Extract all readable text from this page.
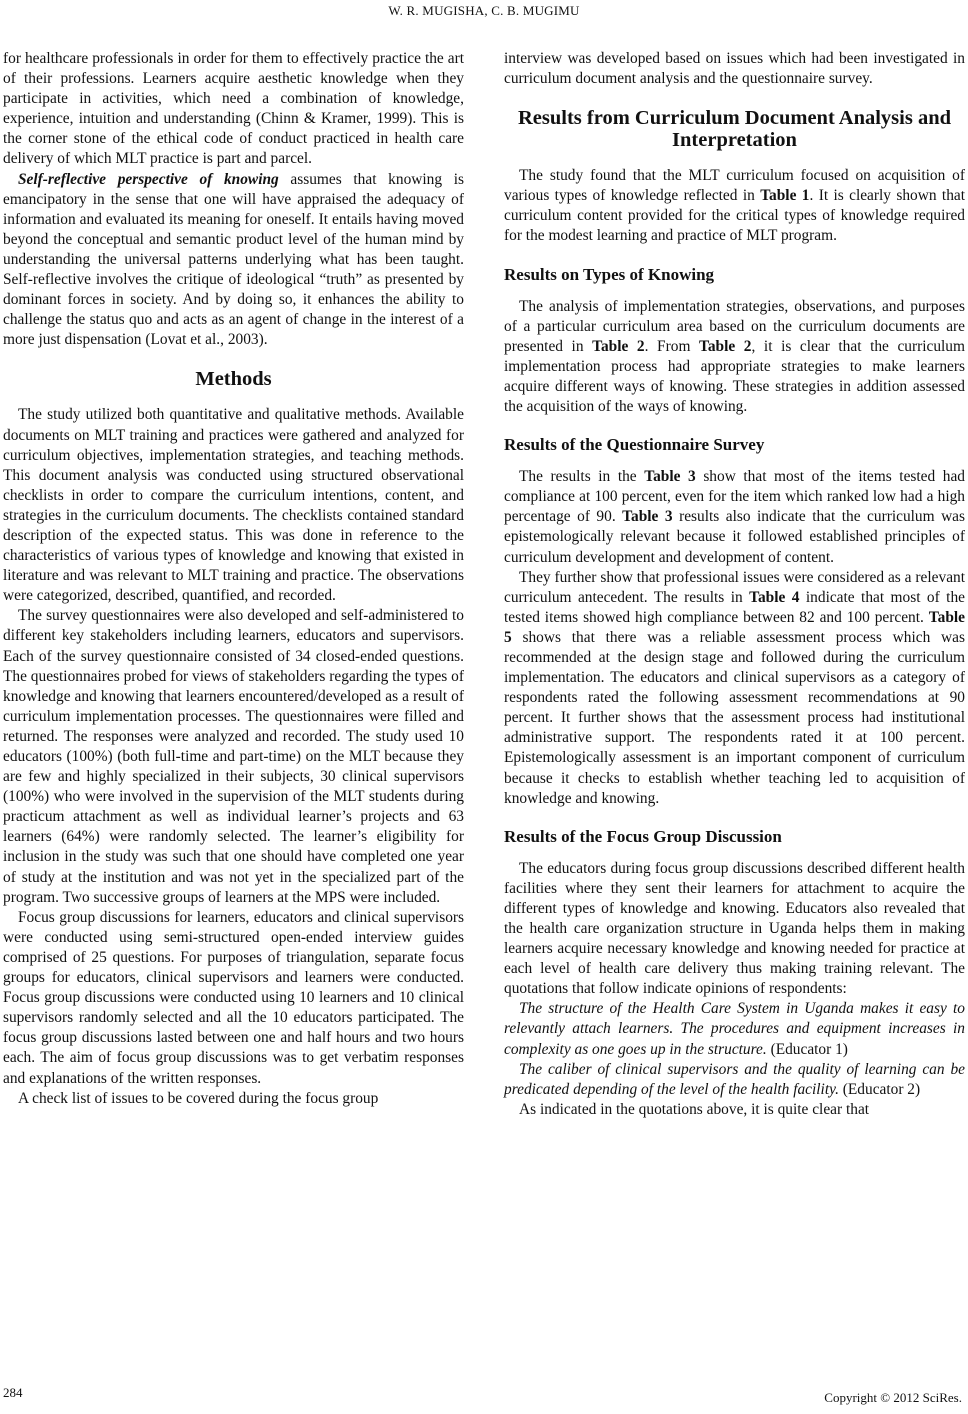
W. R. MUGISHA, C. B. MUGIMU

for healthcare professionals in order for them to effectively practice the art of their professions. Learners acquire aesthetic knowledge when they participate in activities, which need a combination of knowledge, experience, intuition and understanding (Chinn & Kramer, 1999). This is the corner stone of the ethical code of conduct practiced in health care delivery of which MLT practice is part and parcel.

Self-reflective perspective of knowing assumes that knowing is emancipatory in the sense that one will have appraised the adequacy of information and evaluated its meaning for oneself. It entails having moved beyond the conceptual and semantic product level of the human mind by understanding the universal patterns underlying what has been taught. Self-reflective involves the critique of ideological “truth” as presented by dominant forces in society. And by doing so, it enhances the ability to challenge the status quo and acts as an agent of change in the interest of a more just dispensation (Lovat et al., 2003).

Methods

The study utilized both quantitative and qualitative methods. Available documents on MLT training and practices were gathered and analyzed for curriculum objectives, implementation strategies, and teaching methods. This document analysis was conducted using structured observational checklists in order to compare the curriculum intentions, content, and strategies in the curriculum documents. The checklists contained standard description of the expected status. This was done in reference to the characteristics of various types of knowledge and knowing that existed in literature and was relevant to MLT training and practice. The observations were categorized, described, quantified, and recorded.

The survey questionnaires were also developed and self-administered to different key stakeholders including learners, educators and supervisors. Each of the survey questionnaire consisted of 34 closed-ended questions. The questionnaires probed for views of stakeholders regarding the types of knowledge and knowing that learners encountered/developed as a result of curriculum implementation processes. The questionnaires were filled and returned. The responses were analyzed and recorded. The study used 10 educators (100%) (both full-time and part-time) on the MLT because they are few and highly specialized in their subjects, 30 clinical supervisors (100%) who were involved in the supervision of the MLT students during practicum attachment as well as individual learner’s projects and 63 learners (64%) were randomly selected. The learner’s eligibility for inclusion in the study was such that one should have completed one year of study at the institution and was not yet in the specialized part of the program. Two successive groups of learners at the MPS were included.

Focus group discussions for learners, educators and clinical supervisors were conducted using semi-structured open-ended interview guides comprised of 25 questions. For purposes of triangulation, separate focus groups for educators, clinical supervisors and learners were conducted. Focus group discussions were conducted using 10 learners and 10 clinical supervisors randomly selected and all the 10 educators participated. The focus group discussions lasted between one and half hours and two hours each. The aim of focus group discussions was to get verbatim responses and explanations of the written responses.

A check list of issues to be covered during the focus group

interview was developed based on issues which had been investigated in curriculum document analysis and the questionnaire survey.

Results from Curriculum Document Analysis and Interpretation

The study found that the MLT curriculum focused on acquisition of various types of knowledge reflected in Table 1. It is clearly shown that curriculum content provided for the critical types of knowledge required for the modest learning and practice of MLT program.

Results on Types of Knowing

The analysis of implementation strategies, observations, and purposes of a particular curriculum area based on the curriculum documents are presented in Table 2. From Table 2, it is clear that the curriculum implementation process had appropriate strategies to make learners acquire different ways of knowing. These strategies in addition assessed the acquisition of the ways of knowing.

Results of the Questionnaire Survey

The results in the Table 3 show that most of the items tested had compliance at 100 percent, even for the item which ranked low had a high percentage of 90. Table 3 results also indicate that the curriculum was epistemologically relevant because it followed established principles of curriculum development and development of content.

They further show that professional issues were considered as a relevant curriculum antecedent. The results in Table 4 indicate that most of the tested items showed high compliance between 82 and 100 percent. Table 5 shows that there was a reliable assessment process which was recommended at the design stage and followed during the curriculum implementation. The educators and clinical supervisors as a category of respondents rated the following assessment recommendations at 90 percent. It further shows that the assessment process had institutional administrative support. The respondents rated it at 100 percent. Epistemologically assessment is an important component of curriculum because it checks to establish whether teaching led to acquisition of knowledge and knowing.

Results of the Focus Group Discussion

The educators during focus group discussions described different health facilities where they sent their learners for attachment to acquire the different types of knowledge and knowing. Educators also revealed that the health care organization structure in Uganda helps them in making learners acquire necessary knowledge and knowing needed for practice at each level of health care delivery thus making training relevant. The quotations that follow indicate opinions of respondents:

The structure of the Health Care System in Uganda makes it easy to relevantly attach learners. The procedures and equipment increases in complexity as one goes up in the structure. (Educator 1)

The caliber of clinical supervisors and the quality of learning can be predicated depending of the level of the health facility. (Educator 2)

As indicated in the quotations above, it is quite clear that

284	Copyright © 2012 SciRes.
